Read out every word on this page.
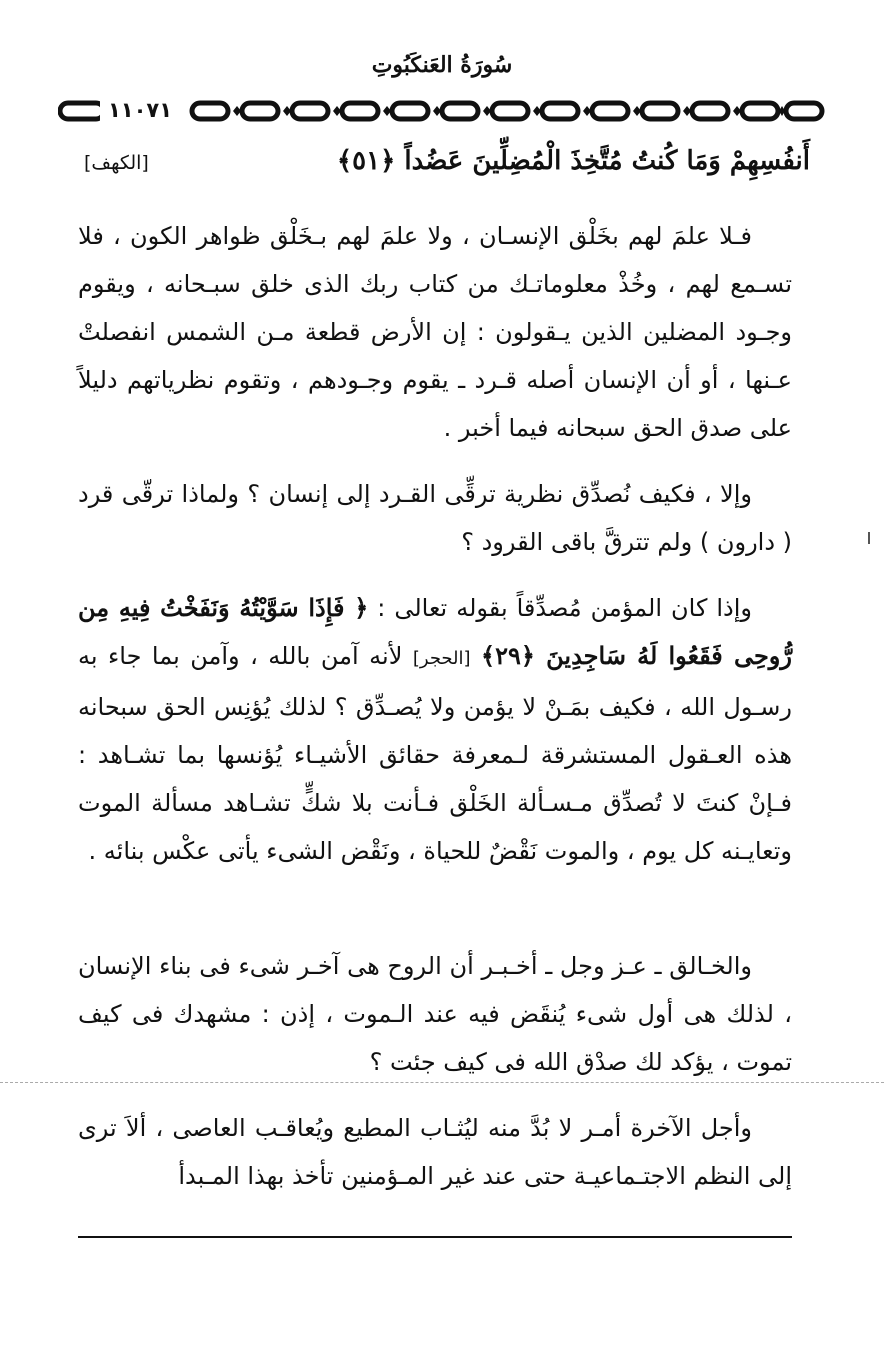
سُورَةُ العَنكَبُوتِ
١١٠٧١
أَنفُسِهِمْ وَمَا كُنتُ مُتَّخِذَ الْمُضِلِّينَ عَضُداً ﴿٥١﴾
[الكهف]
فـلا علمَ لهم بخَلْق الإنسـان ، ولا علمَ لهم بـخَلْق ظواهر الكون ، فلا تسـمع لهم ، وخُذْ معلوماتـك من كتاب ربك الذى خلق سبـحانه ، ويقوم وجـود المضلين الذين يـقولون : إن الأرض قطعة مـن الشمس انفصلتْ عـنها ، أو أن الإنسان أصله قـرد ـ يقوم وجـودهم ، وتقوم نظرياتهم دليلاً على صدق الحق سبحانه فيما أخبر .
وإلا ، فكيف نُصدِّق نظرية ترقِّى القـرد إلى إنسان ؟ ولماذا ترقّى قرد ( دارون ) ولم تترقَّ باقى القرود ؟
وإذا كان المؤمن مُصدِّقاً بقوله تعالى : ﴿ فَإِذَا سَوَّيْتُهُ وَنَفَخْتُ فِيهِ مِن رُّوحِى فَقَعُوا لَهُ سَاجِدِينَ ﴿٢٩﴾ [الحجر] لأنه آمن بالله ، وآمن بما جاء به رسـول الله ، فكيف بمَـنْ لا يؤمن ولا يُصـدِّق ؟ لذلك يُؤنِس الحق سبحانه هذه العـقول المستشرقة لـمعرفة حقائق الأشيـاء يُؤنسها بما تشـاهد : فـإنْ كنتَ لا تُصدِّق مـسـألة الخَلْق فـأنت بلا شكٍّ تشـاهد مسألة الموت وتعايـنه كل يوم ، والموت نَقْضٌ للحياة ، ونَقْض الشىء يأتى عكْس بنائه .
والخـالق ـ عـز وجل ـ أخـبـر أن الروح هى آخـر شىء فى بناء الإنسان ، لذلك هى أول شىء يُنقَض فيه عند الـموت ، إذن : مشهدك فى كيف تموت ، يؤكد لك صدْق الله فى كيف جئت ؟
وأجل الآخرة أمـر لا بُدَّ منه ليُثـاب المطيع ويُعاقـب العاصى ، ألاَ ترى إلى النظم الاجتـماعيـة حتى عند غير المـؤمنين تأخذ بهذا المـبدأ
